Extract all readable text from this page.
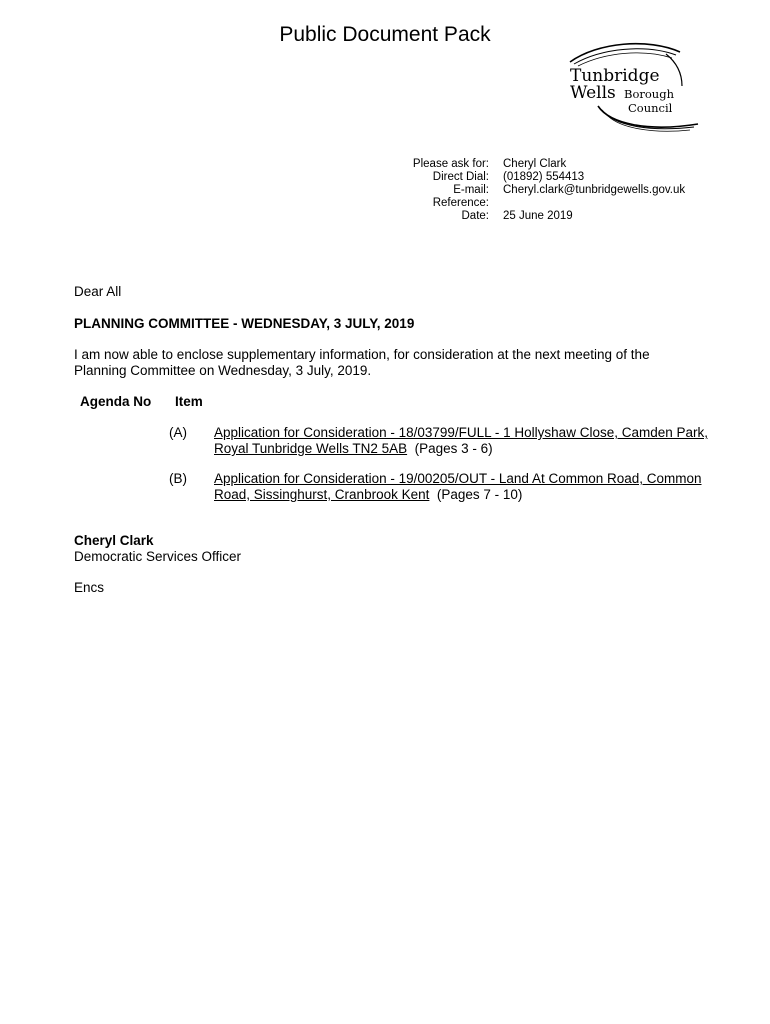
Public Document Pack
Tunbridge
Wells Borough
Council
Please ask for: Cheryl Clark
Direct Dial: (01892) 554413
E-mail: Cheryl.clark@tunbridgewells.gov.uk
Reference:
Date: 25 June 2019
Dear All
PLANNING COMMITTEE - WEDNESDAY, 3 JULY, 2019
I am now able to enclose supplementary information, for consideration at the next meeting of the Planning Committee on Wednesday, 3 July, 2019.
Agenda No Item
(A) Application for Consideration - 18/03799/FULL - 1 Hollyshaw Close, Camden Park, Royal Tunbridge Wells TN2 5AB (Pages 3 - 6)
(B) Application for Consideration - 19/00205/OUT - Land At Common Road, Common Road, Sissinghurst, Cranbrook Kent (Pages 7 - 10)
Cheryl Clark
Democratic Services Officer
Encs
